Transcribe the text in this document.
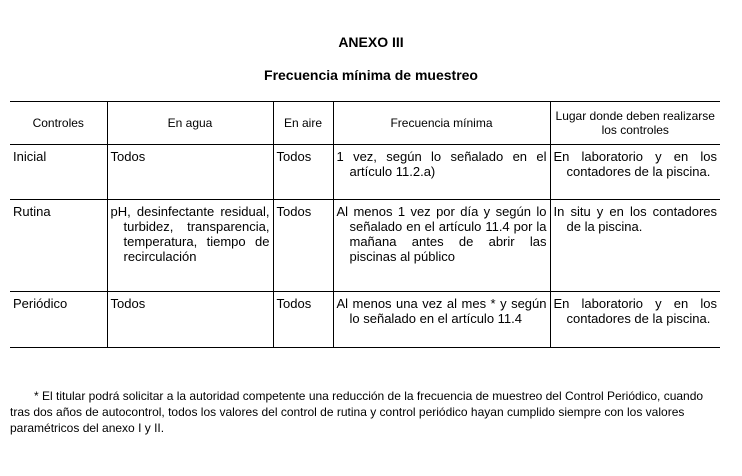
ANEXO III
Frecuencia mínima de muestreo
Controles	En agua	En aire	Frecuencia mínima	Lugar donde deben realizarse los controles

Inicial	Todos	Todos	1 vez, según lo señalado en el artículo 11.2.a)	En laboratorio y en los contadores de la piscina.

Rutina	pH, desinfectante residual, turbidez, transparencia, temperatura, tiempo de recirculación	Todos	Al menos 1 vez por día y según lo señalado en el artículo 11.4 por la mañana antes de abrir las piscinas al público	In situ y en los contadores de la piscina.

Periódico	Todos	Todos	Al menos una vez al mes * y según lo señalado en el artículo 11.4	En laboratorio y en los contadores de la piscina.
* El titular podrá solicitar a la autoridad competente una reducción de la frecuencia de muestreo del Control Periódico, cuando tras dos años de autocontrol, todos los valores del control de rutina y control periódico hayan cumplido siempre con los valores paramétricos del anexo I y II.
